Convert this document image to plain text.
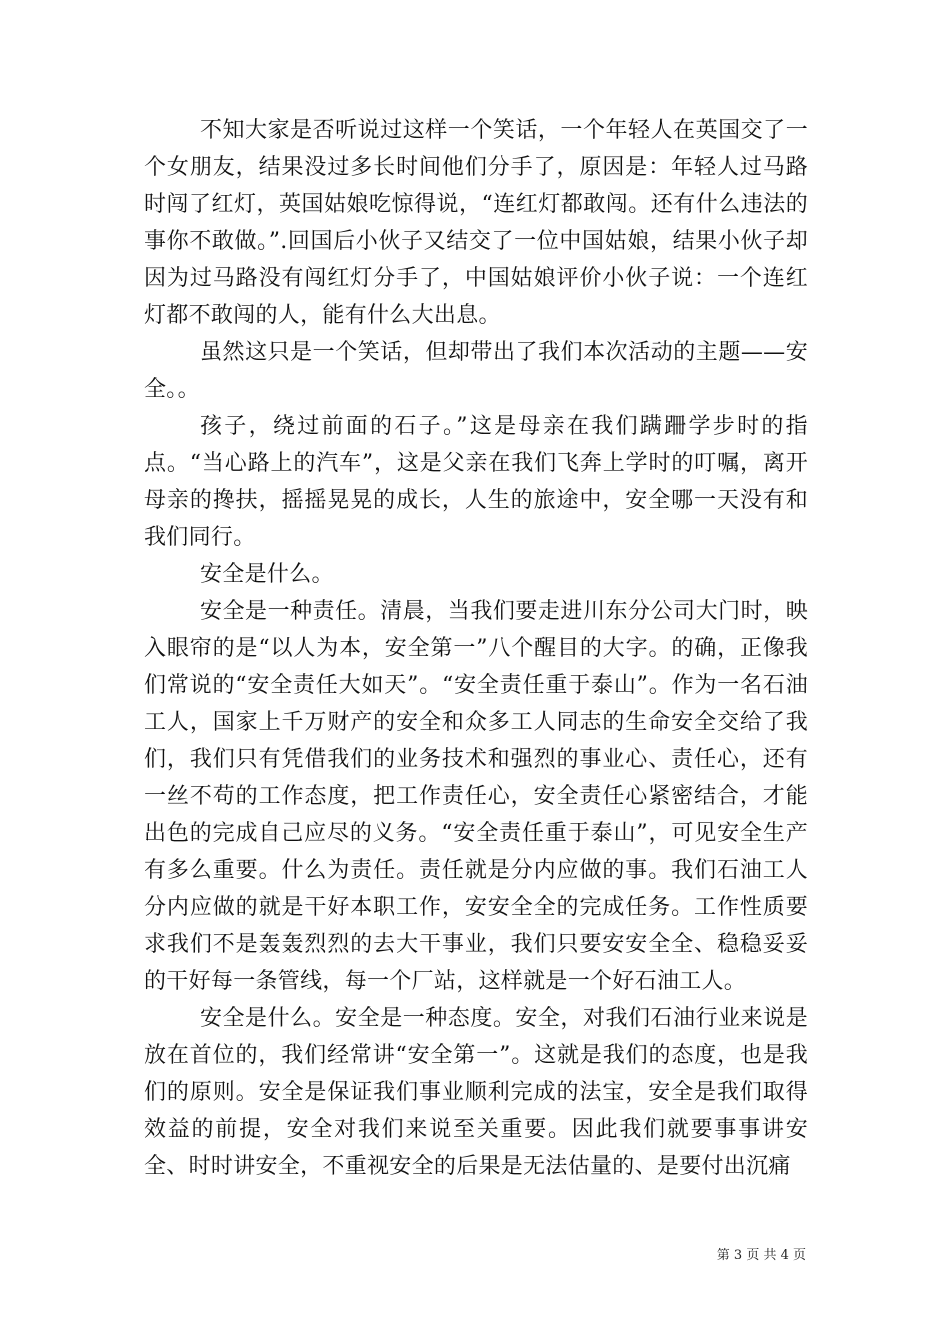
不知大家是否听说过这样一个笑话，一个年轻人在英国交了一个女朋友，结果没过多长时间他们分手了，原因是：年轻人过马路时闯了红灯，英国姑娘吃惊得说，“连红灯都敢闯。还有什么违法的事你不敢做。”.回国后小伙子又结交了一位中国姑娘，结果小伙子却因为过马路没有闯红灯分手了，中国姑娘评价小伙子说：一个连红灯都不敢闯的人，能有什么大出息。

虽然这只是一个笑话，但却带出了我们本次活动的主题——安全。。

孩子，绕过前面的石子。”这是母亲在我们蹒跚学步时的指点。“当心路上的汽车”，这是父亲在我们飞奔上学时的叮嘱，离开母亲的搀扶，摇摇晃晃的成长，人生的旅途中，安全哪一天没有和我们同行。

安全是什么。

安全是一种责任。清晨，当我们要走进川东分公司大门时，映入眼帘的是“以人为本，安全第一”八个醒目的大字。的确，正像我们常说的“安全责任大如天”。“安全责任重于泰山”。作为一名石油工人，国家上千万财产的安全和众多工人同志的生命安全交给了我们，我们只有凭借我们的业务技术和强烈的事业心、责任心，还有一丝不苟的工作态度，把工作责任心，安全责任心紧密结合，才能出色的完成自己应尽的义务。“安全责任重于泰山”，可见安全生产有多么重要。什么为责任。责任就是分内应做的事。我们石油工人分内应做的就是干好本职工作，安安全全的完成任务。工作性质要求我们不是轰轰烈烈的去大干事业，我们只要安安全全、稳稳妥妥的干好每一条管线，每一个厂站，这样就是一个好石油工人。

安全是什么。安全是一种态度。安全，对我们石油行业来说是放在首位的，我们经常讲“安全第一”。这就是我们的态度，也是我们的原则。安全是保证我们事业顺利完成的法宝，安全是我们取得效益的前提，安全对我们来说至关重要。因此我们就要事事讲安全、时时讲安全，不重视安全的后果是无法估量的、是要付出沉痛

第 3 页 共 4 页
